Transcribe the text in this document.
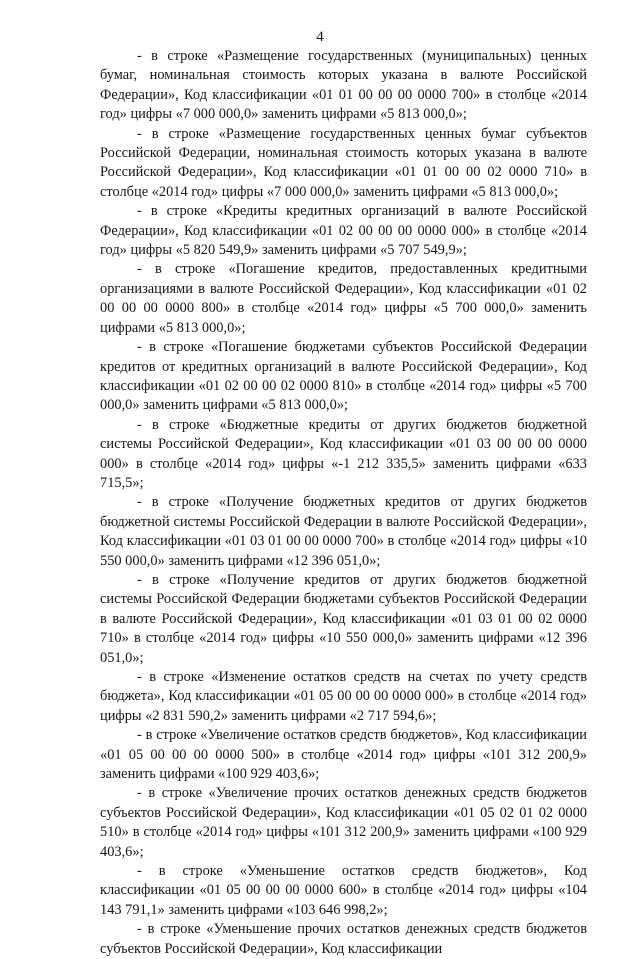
4

- в строке «Размещение государственных (муниципальных) ценных бумаг, номинальная стоимость которых указана в валюте Российской Федерации», Код классификации «01 01 00 00 00 0000 700» в столбце «2014 год» цифры «7 000 000,0» заменить цифрами «5 813 000,0»;

- в строке «Размещение государственных ценных бумаг субъектов Российской Федерации, номинальная стоимость которых указана в валюте Российской Федерации», Код классификации «01 01 00 00 02 0000 710» в столбце «2014 год» цифры «7 000 000,0» заменить цифрами «5 813 000,0»;

- в строке «Кредиты кредитных организаций в валюте Российской Федерации», Код классификации «01 02 00 00 00 0000 000» в столбце «2014 год» цифры «5 820 549,9» заменить цифрами «5 707 549,9»;

- в строке «Погашение кредитов, предоставленных кредитными организациями в валюте Российской Федерации», Код классификации «01 02 00 00 00 0000 800» в столбце «2014 год» цифры «5 700 000,0» заменить цифрами «5 813 000,0»;

- в строке «Погашение бюджетами субъектов Российской Федерации кредитов от кредитных организаций в валюте Российской Федерации», Код классификации «01 02 00 00 02 0000 810» в столбце «2014 год» цифры «5 700 000,0» заменить цифрами «5 813 000,0»;

- в строке «Бюджетные кредиты от других бюджетов бюджетной системы Российской Федерации», Код классификации «01 03 00 00 00 0000 000» в столбце «2014 год» цифры «-1 212 335,5» заменить цифрами «633 715,5»;

- в строке «Получение бюджетных кредитов от других бюджетов бюджетной системы Российской Федерации в валюте Российской Федерации», Код классификации «01 03 01 00 00 0000 700» в столбце «2014 год» цифры «10 550 000,0» заменить цифрами «12 396 051,0»;

- в строке «Получение кредитов от других бюджетов бюджетной системы Российской Федерации бюджетами субъектов Российской Федерации в валюте Российской Федерации», Код классификации «01 03 01 00 02 0000 710» в столбце «2014 год» цифры «10 550 000,0» заменить цифрами «12 396 051,0»;

- в строке «Изменение остатков средств на счетах по учету средств бюджета», Код классификации «01 05 00 00 00 0000 000» в столбце «2014 год» цифры «2 831 590,2» заменить цифрами «2 717 594,6»;

- в строке «Увеличение остатков средств бюджетов», Код классификации «01 05 00 00 00 0000 500» в столбце «2014 год» цифры «101 312 200,9» заменить цифрами «100 929 403,6»;

- в строке «Увеличение прочих остатков денежных средств бюджетов субъектов Российской Федерации», Код классификации «01 05 02 01 02 0000 510» в столбце «2014 год» цифры «101 312 200,9» заменить цифрами «100 929 403,6»;

- в строке «Уменьшение остатков средств бюджетов», Код классификации «01 05 00 00 00 0000 600» в столбце «2014 год» цифры «104 143 791,1» заменить цифрами «103 646 998,2»;

- в строке «Уменьшение прочих остатков денежных средств бюджетов субъектов Российской Федерации», Код классификации
